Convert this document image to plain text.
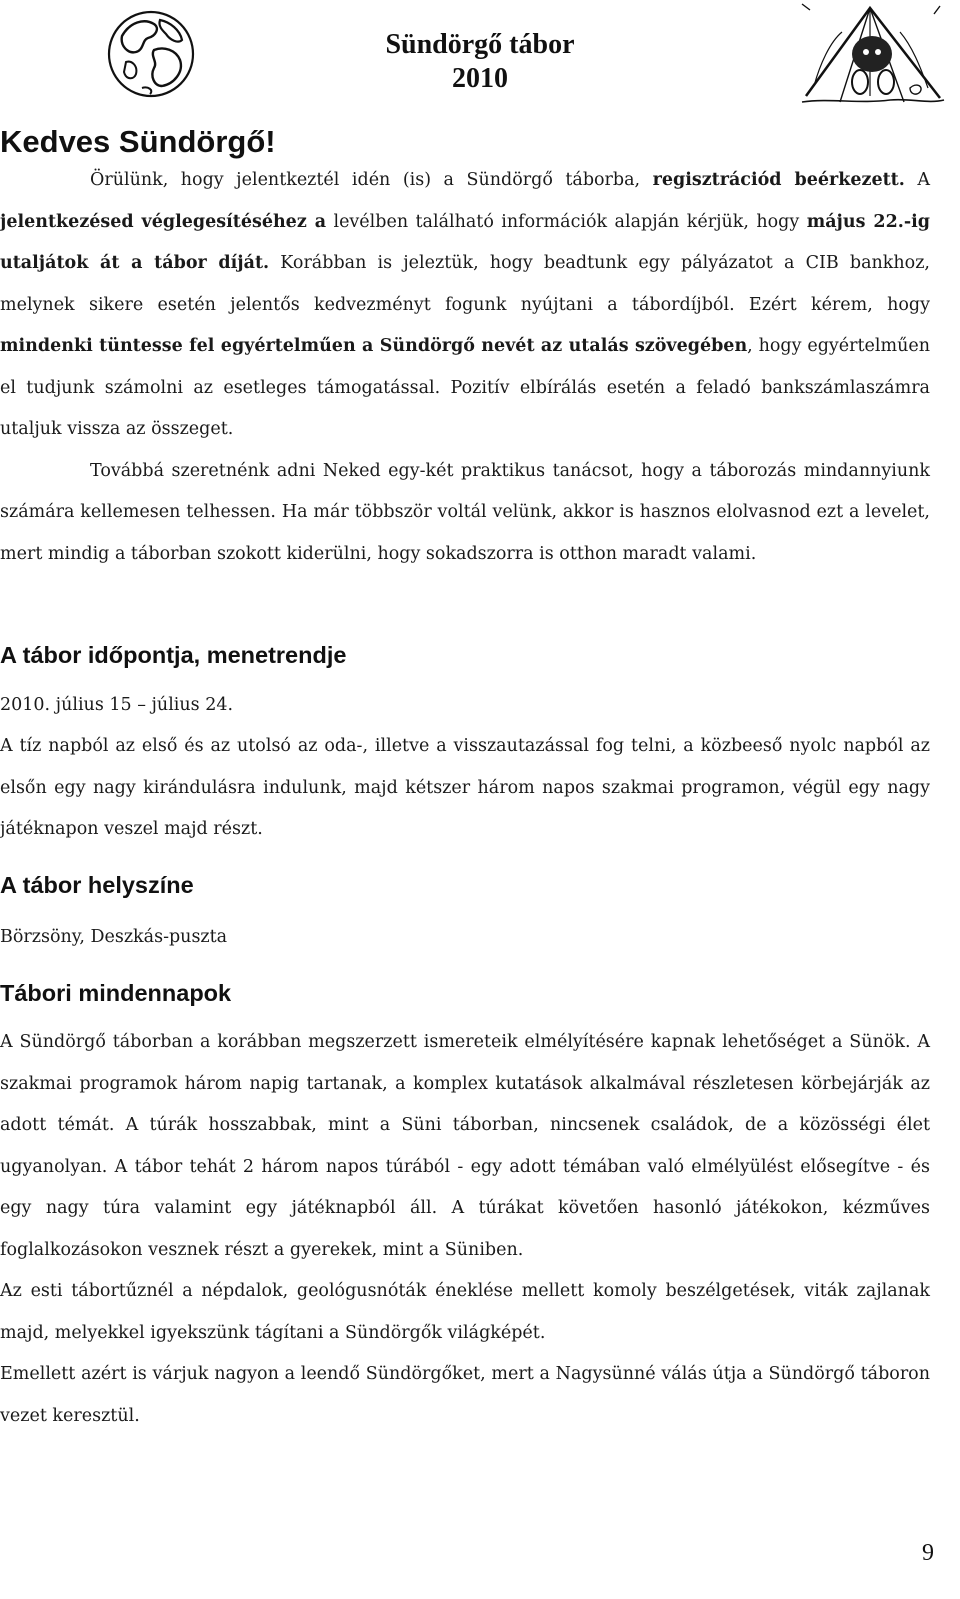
Sündörgő tábor
2010
Kedves Sündörgő!

Örülünk, hogy jelentkeztél idén (is) a Sündörgő táborba, regisztrációd beérkezett. A jelentkezésed véglegesítéséhez a levélben található információk alapján kérjük, hogy május 22.-ig utaljátok át a tábor díját. Korábban is jeleztük, hogy beadtunk egy pályázatot a CIB bankhoz, melynek sikere esetén jelentős kedvezményt fogunk nyújtani a tábordíjból. Ezért kérem, hogy mindenki tüntesse fel egyértelműen a Sündörgő nevét az utalás szövegében, hogy egyértelműen el tudjunk számolni az esetleges támogatással. Pozitív elbírálás esetén a feladó bankszámlaszámra utaljuk vissza az összeget.

Továbbá szeretnénk adni Neked egy-két praktikus tanácsot, hogy a táborozás mindannyiunk számára kellemesen telhessen. Ha már többször voltál velünk, akkor is hasznos elolvasnod ezt a levelet, mert mindig a táborban szokott kiderülni, hogy sokadszorra is otthon maradt valami.

A tábor időpontja, menetrendje
2010. július 15 – július 24.
A tíz napból az első és az utolsó az oda-, illetve a visszautazással fog telni, a közbeeső nyolc napból az elsőn egy nagy kirándulásra indulunk, majd kétszer három napos szakmai programon, végül egy nagy játéknapon veszel majd részt.
A tábor helyszíne
Börzsöny, Deszkás-puszta
Tábori mindennapok

A Sündörgő táborban a korábban megszerzett ismereteik elmélyítésére kapnak lehetőséget a Sünök. A szakmai programok három napig tartanak, a komplex kutatások alkalmával részletesen körbejárják az adott témát. A túrák hosszabbak, mint a Süni táborban, nincsenek családok, de a közösségi élet ugyanolyan. A tábor tehát 2 három napos túrából - egy adott témában való elmélyülést elősegítve - és egy nagy túra valamint egy játéknapból áll. A túrákat követően hasonló játékokon, kézműves foglalkozásokon vesznek részt a gyerekek, mint a Süniben.

Az esti tábortűznél a népdalok, geológusnóták éneklése mellett komoly beszélgetések, viták zajlanak majd, melyekkel igyekszünk tágítani a Sündörgők világképét.

Emellett azért is várjuk nagyon a leendő Sündörgőket, mert a Nagysünné válás útja a Sündörgő táboron vezet keresztül.

9
